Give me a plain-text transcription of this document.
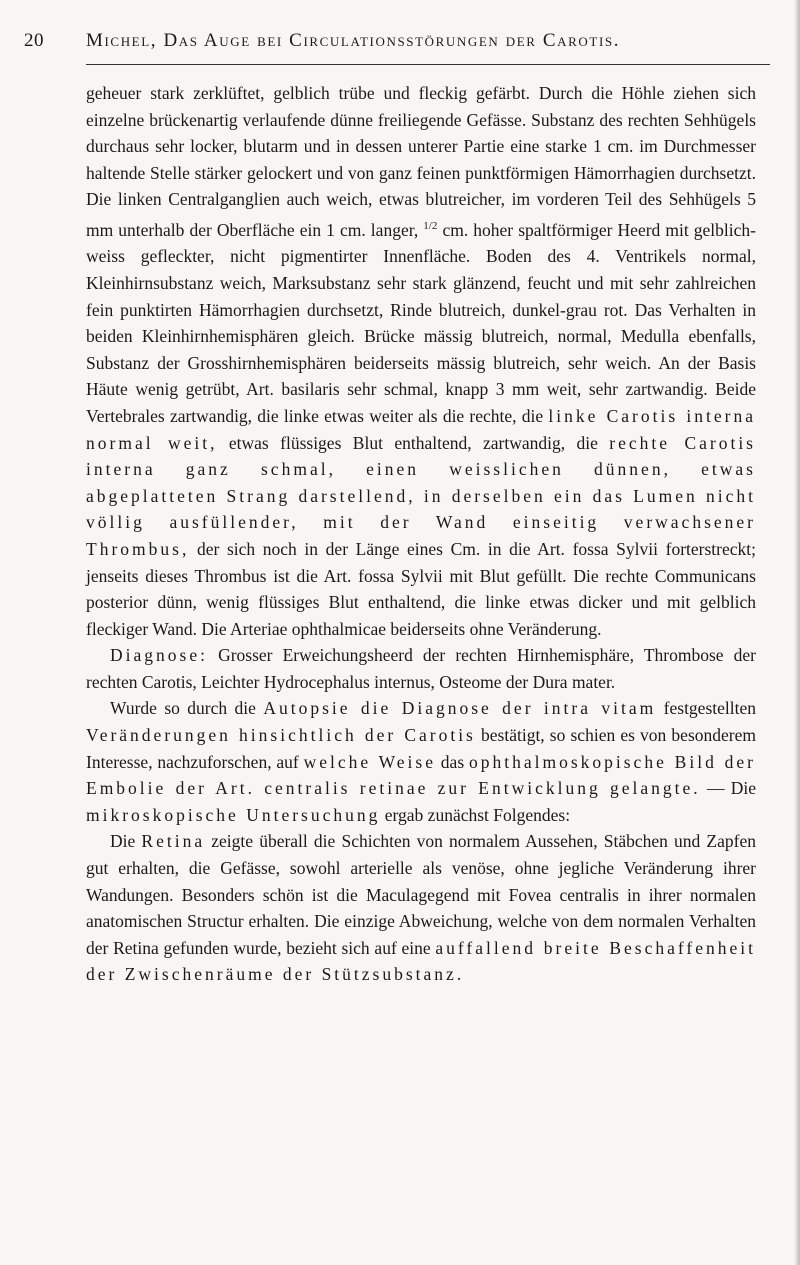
20 Michel, Das Auge bei Circulationsstörungen der Carotis.

geheuer stark zerklüftet, gelblich trübe und fleckig gefärbt. Durch die Höhle ziehen sich einzelne brückenartig verlaufende dünne freiliegende Gefässe. Substanz des rechten Sehhügels durchaus sehr locker, blutarm und in dessen unterer Partie eine starke 1 cm. im Durchmesser haltende Stelle stärker gelockert und von ganz feinen punktförmigen Hämorrhagien durchsetzt. Die linken Centralganglien auch weich, etwas blutreicher, im vorderen Teil des Sehhügels 5 mm unterhalb der Oberfläche ein 1 cm. langer, $^{1/2}$ cm. hoher spaltförmiger Heerd mit gelblich-weiss gefleckter, nicht pigmentirter Innenfläche. Boden des 4. Ventrikels normal, Kleinhirnsubstanz weich, Marksubstanz sehr stark glänzend, feucht und mit sehr zahlreichen fein punktirten Hämorrhagien durchsetzt, Rinde blutreich, dunkel-grau rot. Das Verhalten in beiden Kleinhirnhemisphären gleich. Brücke mässig blutreich, normal, Medulla ebenfalls, Substanz der Grosshirnhemisphären beiderseits mässig blutreich, sehr weich. An der Basis Häute wenig getrübt, Art. basilaris sehr schmal, knapp 3 mm weit, sehr zartwandig. Beide Vertebrales zartwandig, die linke etwas weiter als die rechte, die linke Carotis interna normal weit, etwas flüssiges Blut enthaltend, zartwandig, die rechte Carotis interna ganz schmal, einen weisslichen dünnen, etwas abgeplatteten Strang darstellend, in derselben ein das Lumen nicht völlig ausfüllender, mit der Wand einseitig verwachsener Thrombus, der sich noch in der Länge eines Cm. in die Art. fossa Sylvii forterstreckt; jenseits dieses Thrombus ist die Art. fossa Sylvii mit Blut gefüllt. Die rechte Communicans posterior dünn, wenig flüssiges Blut enthaltend, die linke etwas dicker und mit gelblich fleckiger Wand. Die Arteriae ophthalmicae beiderseits ohne Veränderung.

Diagnose: Grosser Erweichungsheerd der rechten Hirnhemisphäre, Thrombose der rechten Carotis, Leichter Hydrocephalus internus, Osteome der Dura mater.

Wurde so durch die Autopsie die Diagnose der intra vitam festgestellten Veränderungen hinsichtlich der Carotis bestätigt, so schien es von besonderem Interesse, nachzuforschen, auf welche Weise das ophthalmoskopische Bild der Embolie der Art. centralis retinae zur Entwicklung gelangte. — Die mikroskopische Untersuchung ergab zunächst Folgendes:

Die Retina zeigte überall die Schichten von normalem Aussehen, Stäbchen und Zapfen gut erhalten, die Gefässe, sowohl arterielle als venöse, ohne jegliche Veränderung ihrer Wandungen. Besonders schön ist die Maculagegend mit Fovea centralis in ihrer normalen anatomischen Structur erhalten. Die einzige Abweichung, welche von dem normalen Verhalten der Retina gefunden wurde, bezieht sich auf eine auffallend breite Beschaffenheit der Zwischenräume der Stützsubstanz.
